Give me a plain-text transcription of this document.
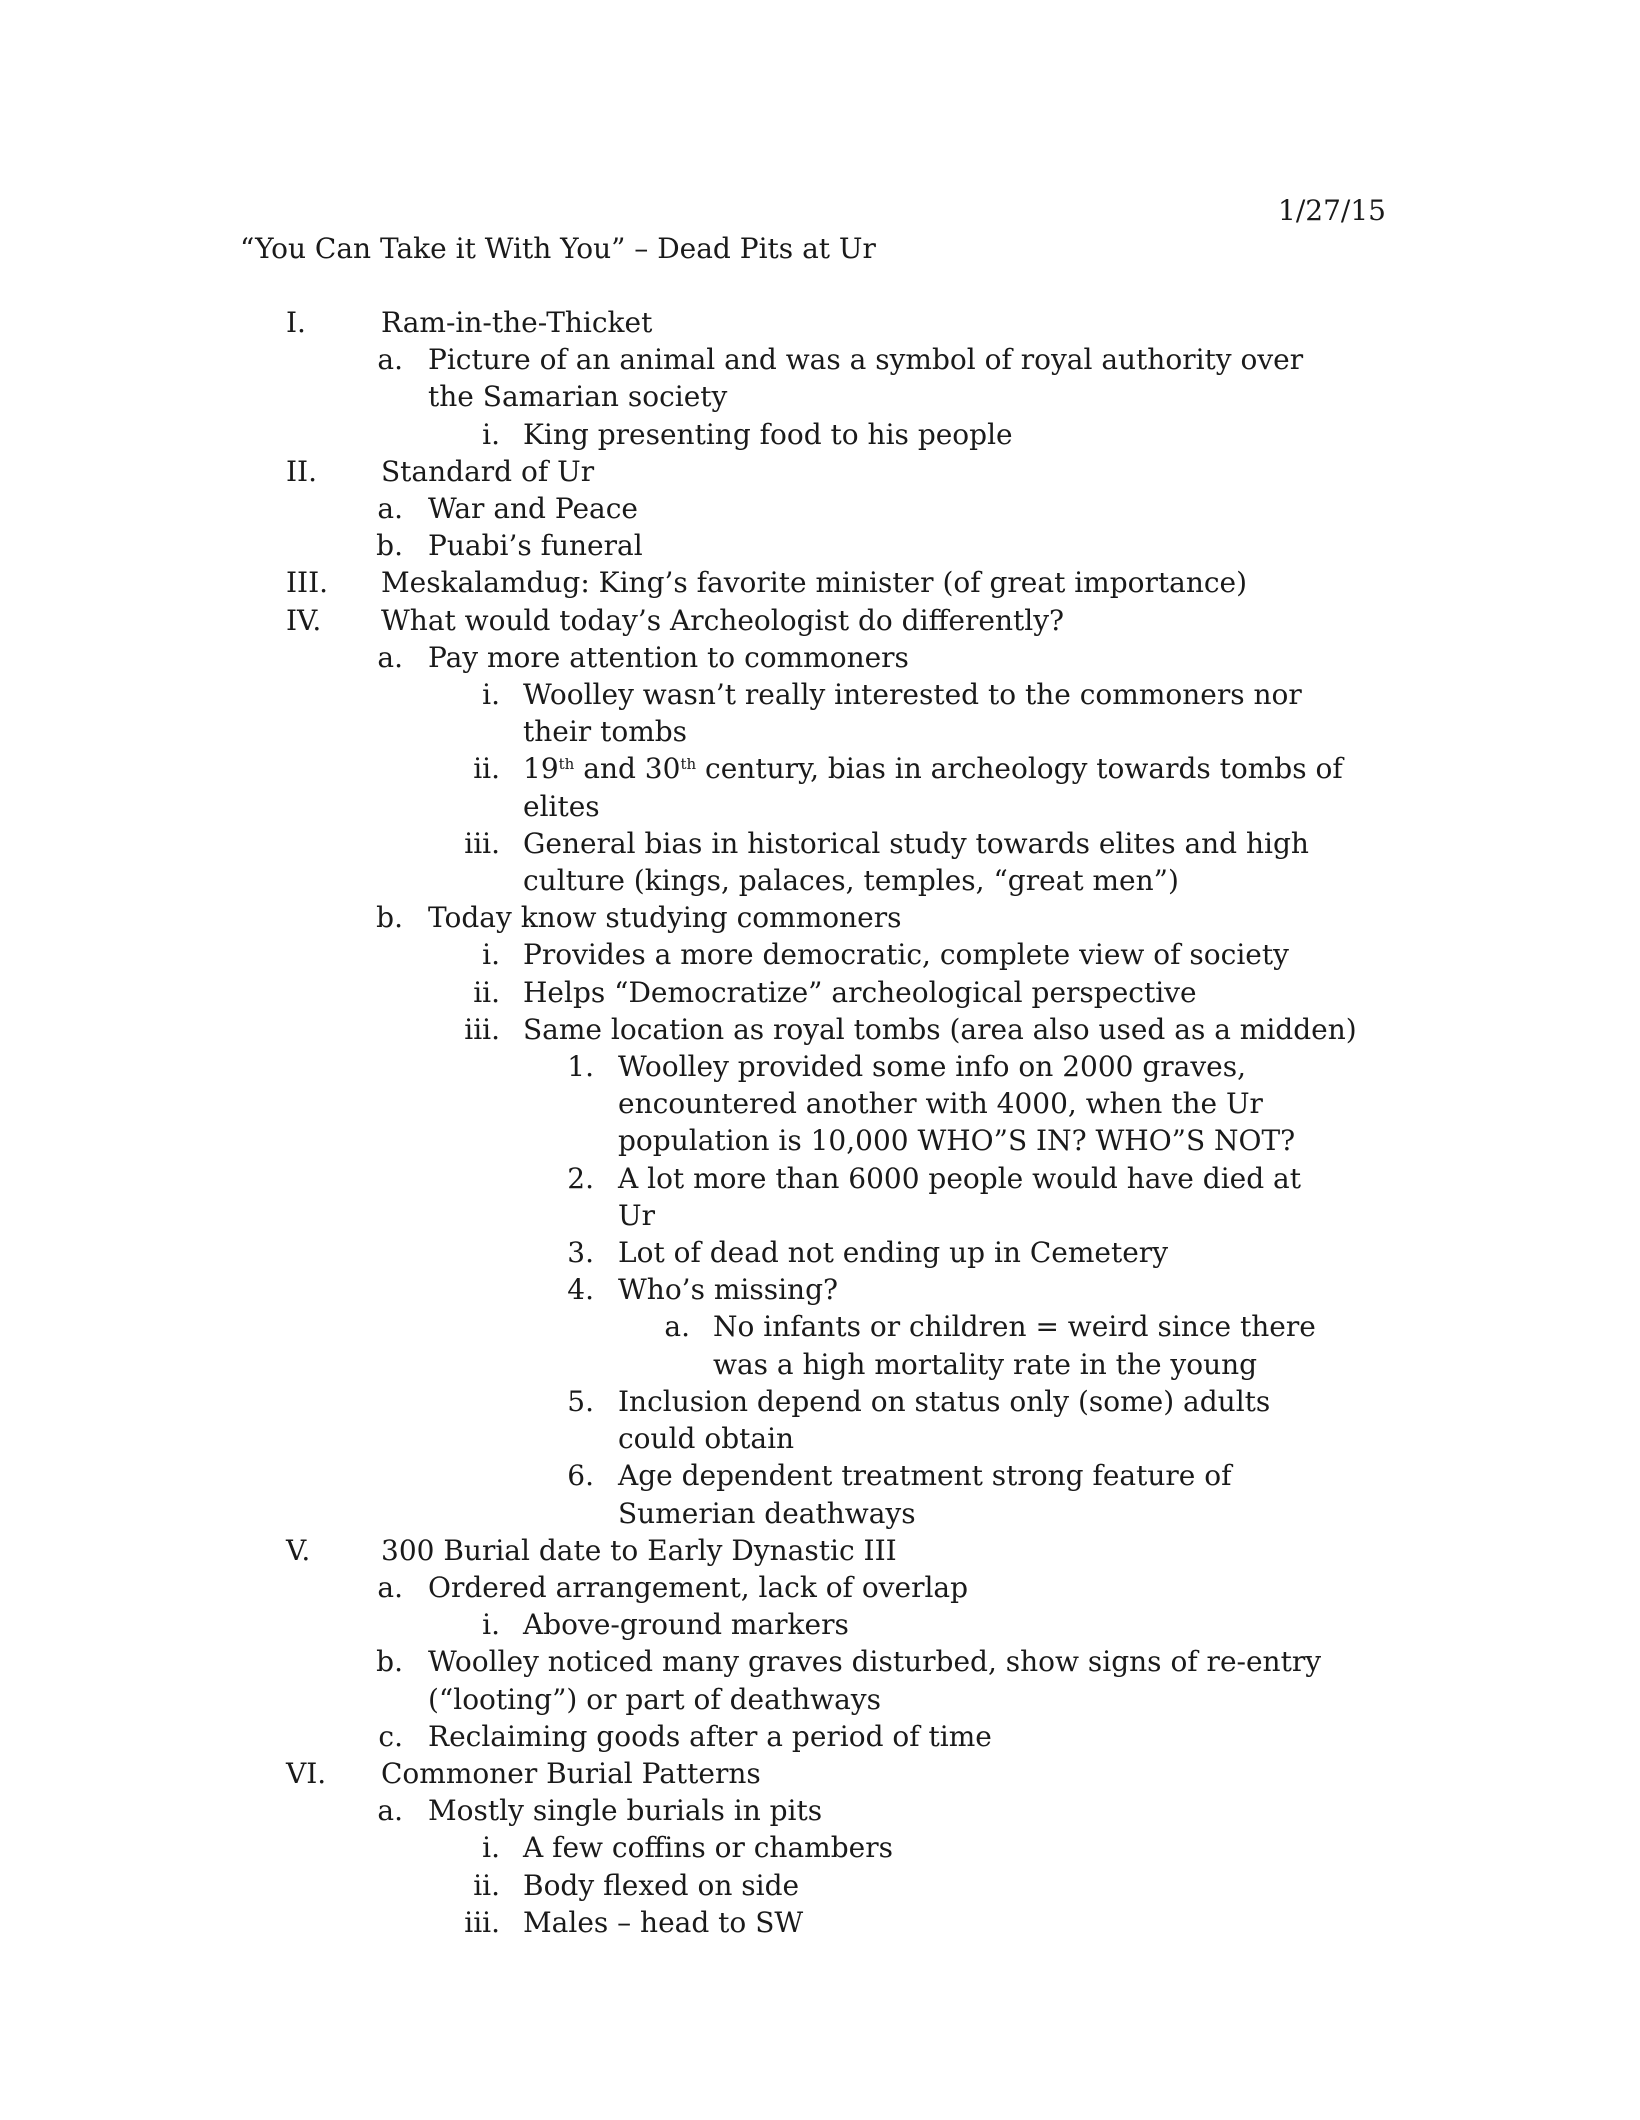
1/27/15
“You Can Take it With You” – Dead Pits at Ur
I.	Ram-in-the-Thicket
a. Picture of an animal and was a symbol of royal authority over the Samarian society
i. King presenting food to his people
II. Standard of Ur
a. War and Peace
b. Puabi’s funeral
III. Meskalamdug: King’s favorite minister (of great importance)
IV. What would today’s Archeologist do differently?
a. Pay more attention to commoners
i. Woolley wasn’t really interested to the commoners nor their tombs
ii. 19th and 30th century, bias in archeology towards tombs of elites
iii. General bias in historical study towards elites and high culture (kings, palaces, temples, “great men”)
b. Today know studying commoners
i. Provides a more democratic, complete view of society
ii. Helps “Democratize” archeological perspective
iii. Same location as royal tombs (area also used as a midden)
1. Woolley provided some info on 2000 graves, encountered another with 4000, when the Ur population is 10,000 WHO”S IN? WHO”S NOT?
2. A lot more than 6000 people would have died at Ur
3. Lot of dead not ending up in Cemetery
4. Who’s missing?
a. No infants or children = weird since there was a high mortality rate in the young
5. Inclusion depend on status only (some) adults could obtain
6. Age dependent treatment strong feature of Sumerian deathways
V.	300 Burial date to Early Dynastic III
a. Ordered arrangement, lack of overlap
i. Above-ground markers
b. Woolley noticed many graves disturbed, show signs of re-entry (“looting”) or part of deathways
c. Reclaiming goods after a period of time
VI. Commoner Burial Patterns
a. Mostly single burials in pits
i. A few coffins or chambers
ii. Body flexed on side
iii. Males – head to SW
